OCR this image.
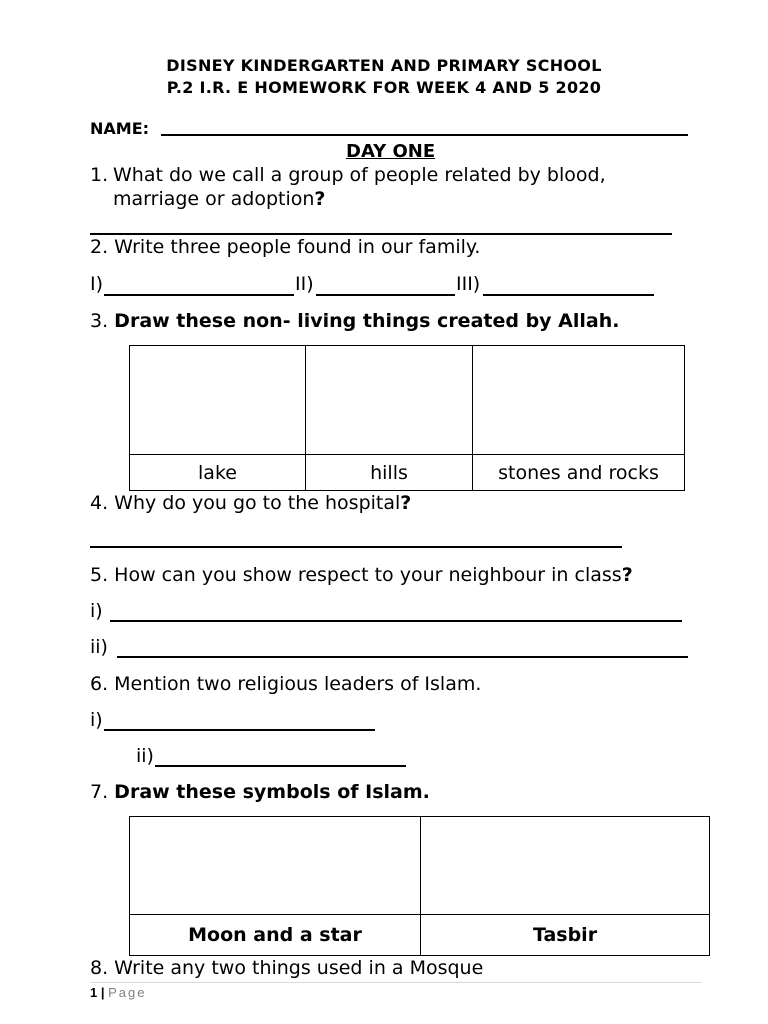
DISNEY KINDERGARTEN AND PRIMARY SCHOOL
P.2 I.R. E HOMEWORK FOR WEEK 4 AND 5 2020
NAME:
DAY ONE
1. What do we call a group of people related by blood,
marriage or adoption?
2. Write three people found in our family.
I)	II)	III)
3. Draw these non- living things created by Allah.

lake	hills	stones and rocks
4. Why do you go to the hospital?
5. How can you show respect to your neighbour in class?
i)
ii)
6. Mention two religious leaders of Islam.
i)
ii)
7. Draw these symbols of Islam.

Moon and a star	Tasbir
8. Write any two things used in a Mosque
1 | Page
